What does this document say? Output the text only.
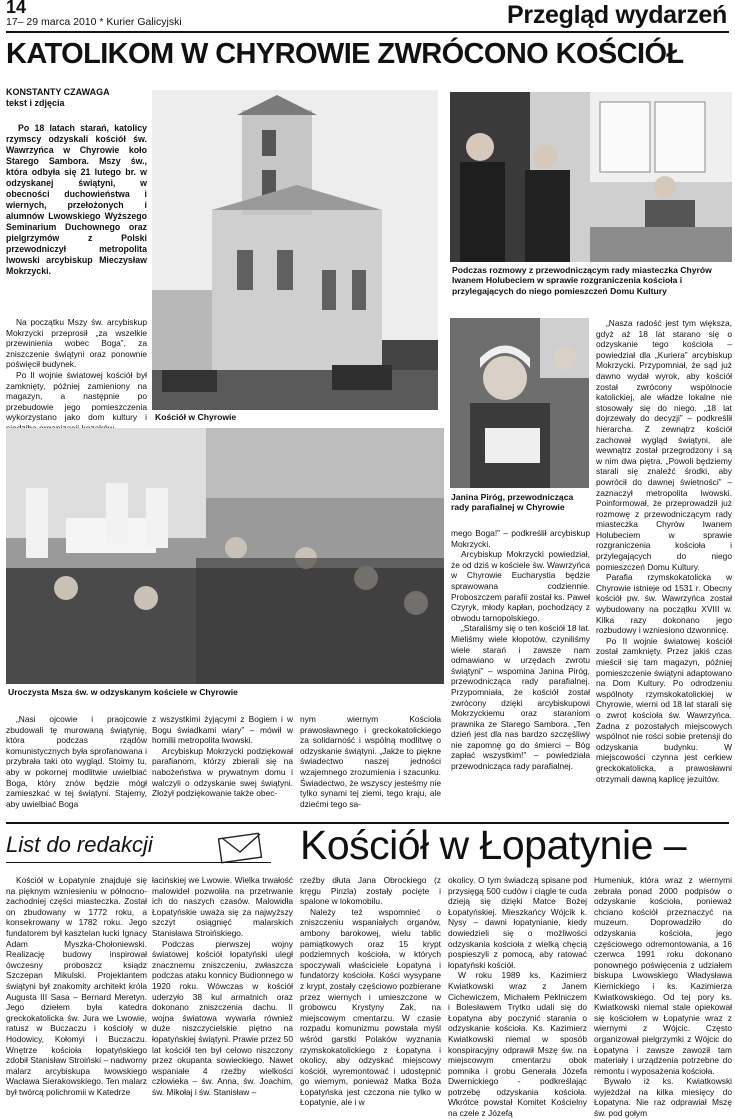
14
17– 29 marca 2010 * Kurier Galicyjski	Przegląd wydarzeń
KATOLIKOM W CHYROWIE ZWRÓCONO KOŚCIÓŁ
KONSTANTY CZAWAGA
tekst i zdjęcia
Po 18 latach starań, katolicy rzymscy odzyskali kościół św. Wawrzyńca w Chyrowie koło Starego Sambora. Mszy św., która odbyła się 21 lutego br. w odzyskanej świątyni, w obecności duchowieństwa i wiernych, przełożonych i alumnów Lwowskiego Wyższego Seminarium Duchownego oraz pielgrzymów z Polski przewodniczył metropolita lwowski arcybiskup Mieczysław Mokrzycki.

Na początku Mszy św. arcybiskup Mokrzycki przeprosił „za wszelkie przewinienia wobec Boga”, za zniszczenie świątyni oraz ponownie poświęcił budynek.

Po II wojnie światowej kościół był zamknięty, później zamieniony na magazyn, a następnie po przebudowie jego pomieszczenia wykorzystano jako dom kultury i Kościół w Chyrowie
Podczas rozmowy z przewodniczącym rady miasteczka Chyrów Iwanem Holubeciem w sprawie rozgraniczenia kościoła i przylegających do niego pomieszczeń Domu Kultury
Janina Piróg, przewodnicząca rady parafialnej w Chyrowie

„Nasza radość jest tym większa, gdyż aż 18 lat starano się o odzyskanie tego kościoła – powiedział dla „Kuriera” arcybiskup Mokrzycki. Przypomniał, że sąd już dawno wydał wyrok, aby kościół został zwrócony wspólnocie katolickiej, ale władze lokalne nie stosowały się do niego. „18 lat dojrzewały do decyzji” – podkreślił hierarcha. Z zewnątrz kościół zachował wygląd świątyni, ale wewnątrz został przegrodzony i są w nim dwa piętra. „Powoli będziemy starali się znaleźć środki, aby powrócił do dawnej świetności” – zaznaczył metropolita lwowski. Poinformował, że przeprowadził już rozmowę z przewodniczącym rady miasteczka Chyrów Iwanem Holubeciem w sprawie rozgraniczenia kościoła i przylegających do niego pomieszczeń Domu Kultury.

Parafia rzymskokatolicka w Chyrowie istnieje od 1531 r. Obecny kościół pw. św. Wawrzyńca został wybudowany na początku XVIII w. Kilka razy dokonano jego rozbudowy i wzniesiono dzwonnicę.

Po II wojnie światowej kościół został zamknięty. Przez jakiś czas mieścił się tam magazyn, później pomieszczenie świątyni adaptowano na Dom Kultury. Po odrodzeniu wspólnoty rzymskokatolickiej w Chyrowie, wierni od 18 lat starali się o zwrot kościoła św. Wawrzyńca. Żadna z pozostałych miejscowych wspólnot nie rości sobie pretensji do odzyskania budynku. W miejscowości czynna jest cerkiew greckokatolicka, a prawosławni otrzymali dawną kaplicę jezuitów.

mego Boga!” – podkreślił arcybiskup Mokrzycki.

Arcybiskup Mokrzycki powiedział, że od dziś w kościele św. Wawrzyńca w Chyrowie Eucharystia będzie sprawowana codziennie. Proboszczem parafii został ks. Paweł Czyryk, młody kapłan, pochodzący z obwodu tarnopolskiego.

„Staraliśmy się o ten kościół 18 lat. Mieliśmy wiele kłopotów, czyniliśmy wiele starań i zawsze nam odmawiano w urzędach zwrotu świątyni” – wspomina Janina Piróg, przewodnicząca rady parafialnej. Przypomniała, że kościół został zwrócony dzięki arcybiskupowi Mokrzyckiemu oraz staraniom prawnika ze Starego Sambora. „Ten dzień jest dla nas bardzo szczęśliwy nie zapomnę go do śmierci – Bóg zapłać wszystkim!” – powiedziała przewodnicząca rady parafialnej.

Uroczysta Msza św. w odzyskanym kościele w Chyrowie

„Nasi ojcowie i praojcowie zbudowali tę murowaną świątynię, która podczas rządów komunistycznych była sprofanowana i przybrała taki oto wygląd. Stoimy tu, aby w pokornej modlitwie uwielbiać Boga, który znów będzie mógł zamieszkać w tej świątyni. Stajemy, aby uwielbiać Boga

z wszystkimi żyjącymi z Bogiem i w Bogu świadkami wiary” – mówił w homilii metropolita lwowski.

Arcybiskup Mokrzycki podziękował parafianom, którzy zbierali się na nabożeństwa w prywatnym domu i walczyli o odzyskanie swej świątyni. Złożył podziękowanie także obec-

nym wiernym Kościoła prawosławnego i greckokatolickiego za solidarność i wspólną modlitwę o odzyskanie świątyni. „Jakże to piękne świadectwo naszej jedności wzajemnego zrozumienia i szacunku. Świadectwo, że wszyscy jesteśmy nie tylko synami tej ziemi, tego kraju, ale dziećmi tego sa-

List do redakcji	Kościół w Łopatynie –

Kościół w Łopatynie znajduje się na pięknym wzniesieniu w północno-zachodniej części miasteczka. Został on zbudowany w 1772 roku, a konsekrowany w 1782 roku. Jego fundatorem był kasztelan łucki Ignacy Adam Myszka-Chołoniewski. Realizację budowy inspirował ówczesny proboszcz ksiądz Szczepan Mikulski. Projektantem świątyni był znakomity architekt króla Augusta III Sasa – Bernard Meretyn. Jego dziełem była katedra greckokatolicka św. Jura we Lwowie, ratusz w Buczaczu i kościoły w Hodowicy, Kołomyi i Buczaczu. Wnętrze kościoła łopatyńskiego zdobił Stanisław Stroiński – nadworny malarz arcybiskupa lwowskiego Wacława Sierakowskiego. Ten malarz był twórcą polichromii w Katedrze

łacińskiej we Lwowie. Wielka trwałość malowideł pozwoliła na przetrwanie ich do naszych czasów. Malowidła Łopatyńskie uważa się za najwyższy szczyt osiągnięć malarskich Stanisława Stroińskiego.

Podczas pierwszej wojny światowej kościół łopatyński uległ znacznemu zniszczeniu, zwłaszcza podczas ataku konnicy Budionnego w 1920 roku. Wówczas w kościół uderzyło 38 kul armatnich oraz dokonano zniszczenia dachu. II wojna światowa wywarła również duże niszczycielskie piętno na łopatyńskiej świątyni. Prawie przez 50 lat kościół ten był celowo niszczony przez okupanta sowieckiego. Nawet wspaniałe 4 rzeźby wielkości człowieka – św. Anna, św. Joachim, św. Mikołaj i św. Stanisław –

rzeźby dłuta Jana Obrockiego (z kręgu Pinzla) zostały pocięte i spalone w lokomobilu.

Należy też wspomnieć o zniszczeniu wspaniałych organów, ambony barokowej, wielu tablic pamiątkowych oraz 15 krypt podziemnych kościoła, w których spoczywali właściciele Łopatyna i fundatorzy kościoła. Kości wysypane z krypt, zostały częściowo pozbierane przez wiernych i umieszczone w grobowcu Krystyny Żak, na miejscowym cmentarzu. W czasie rozpadu komunizmu powstała myśl wśród garstki Polaków wyznania rzymskokatolickiego z Łopatyna i okolicy, aby odzyskać miejscowy kościół, wyremontować i udostępnić go wiernym, ponieważ Matka Boża Łopatyńska jest czczona nie tylko w Łopatynie, ale i w

okolicy. O tym świadczą spisane pod przysięgą 500 cudów i ciągle te cuda dzieją się dzięki Matce Bożej Łopatyńskiej. Mieszkańcy Wójcik k. Nysy – dawni łopatynianie, kiedy dowiedzieli się o możliwości odzyskania kościoła z wielką chęcią pospieszyli z pomocą, aby ratować łopatyński kościół.

W roku 1989 ks. Kazimierz Kwiatkowski wraz z Janem Cichewiczem, Michałem Peklniczem i Bolesławem Trytko udali się do Łopatyna aby poczynić starania o odzyskanie kościoła. Ks. Kazimierz Kwiatkowski niemal w sposób konspiracyjny odprawił Mszę św. na miejscowym cmentarzu obok pomnika i grobu Generała Józefa Dwernickiego - podkreślając potrzebę odzyskania kościoła. Wkrótce powstał Komitet Kościelny na czele z Józefą

Humeniuk, która wraz z wiernymi zebrała ponad 2000 podpisów o odzyskanie kościoła, ponieważ chciano kościół przeznaczyć na muzeum. Doprowadziło do odzyskania kościoła, jego częściowego odremontowania, a 16 czerwca 1991 roku dokonano ponownego poświęcenia z udziałem biskupa Lwowskiego Władysława Kiernickiego i ks. Kazimierza Kwiatkowskiego. Od tej pory ks. Kwiatkowski niemal stale opiekował się kościołem w Łopatynie wraz z wiernymi z Wójcic. Często organizował pielgrzymki z Wójcic do Łopatyna i zawsze zawoził tam materiały i urządzenia potrzebne do remontu i wyposażenia kościoła.

Bywało iż ks. Kwiatkowski wyjeżdżał na kilka miesięcy do Łopatyna. Nie raz odprawiał Mszę św. pod gołym
